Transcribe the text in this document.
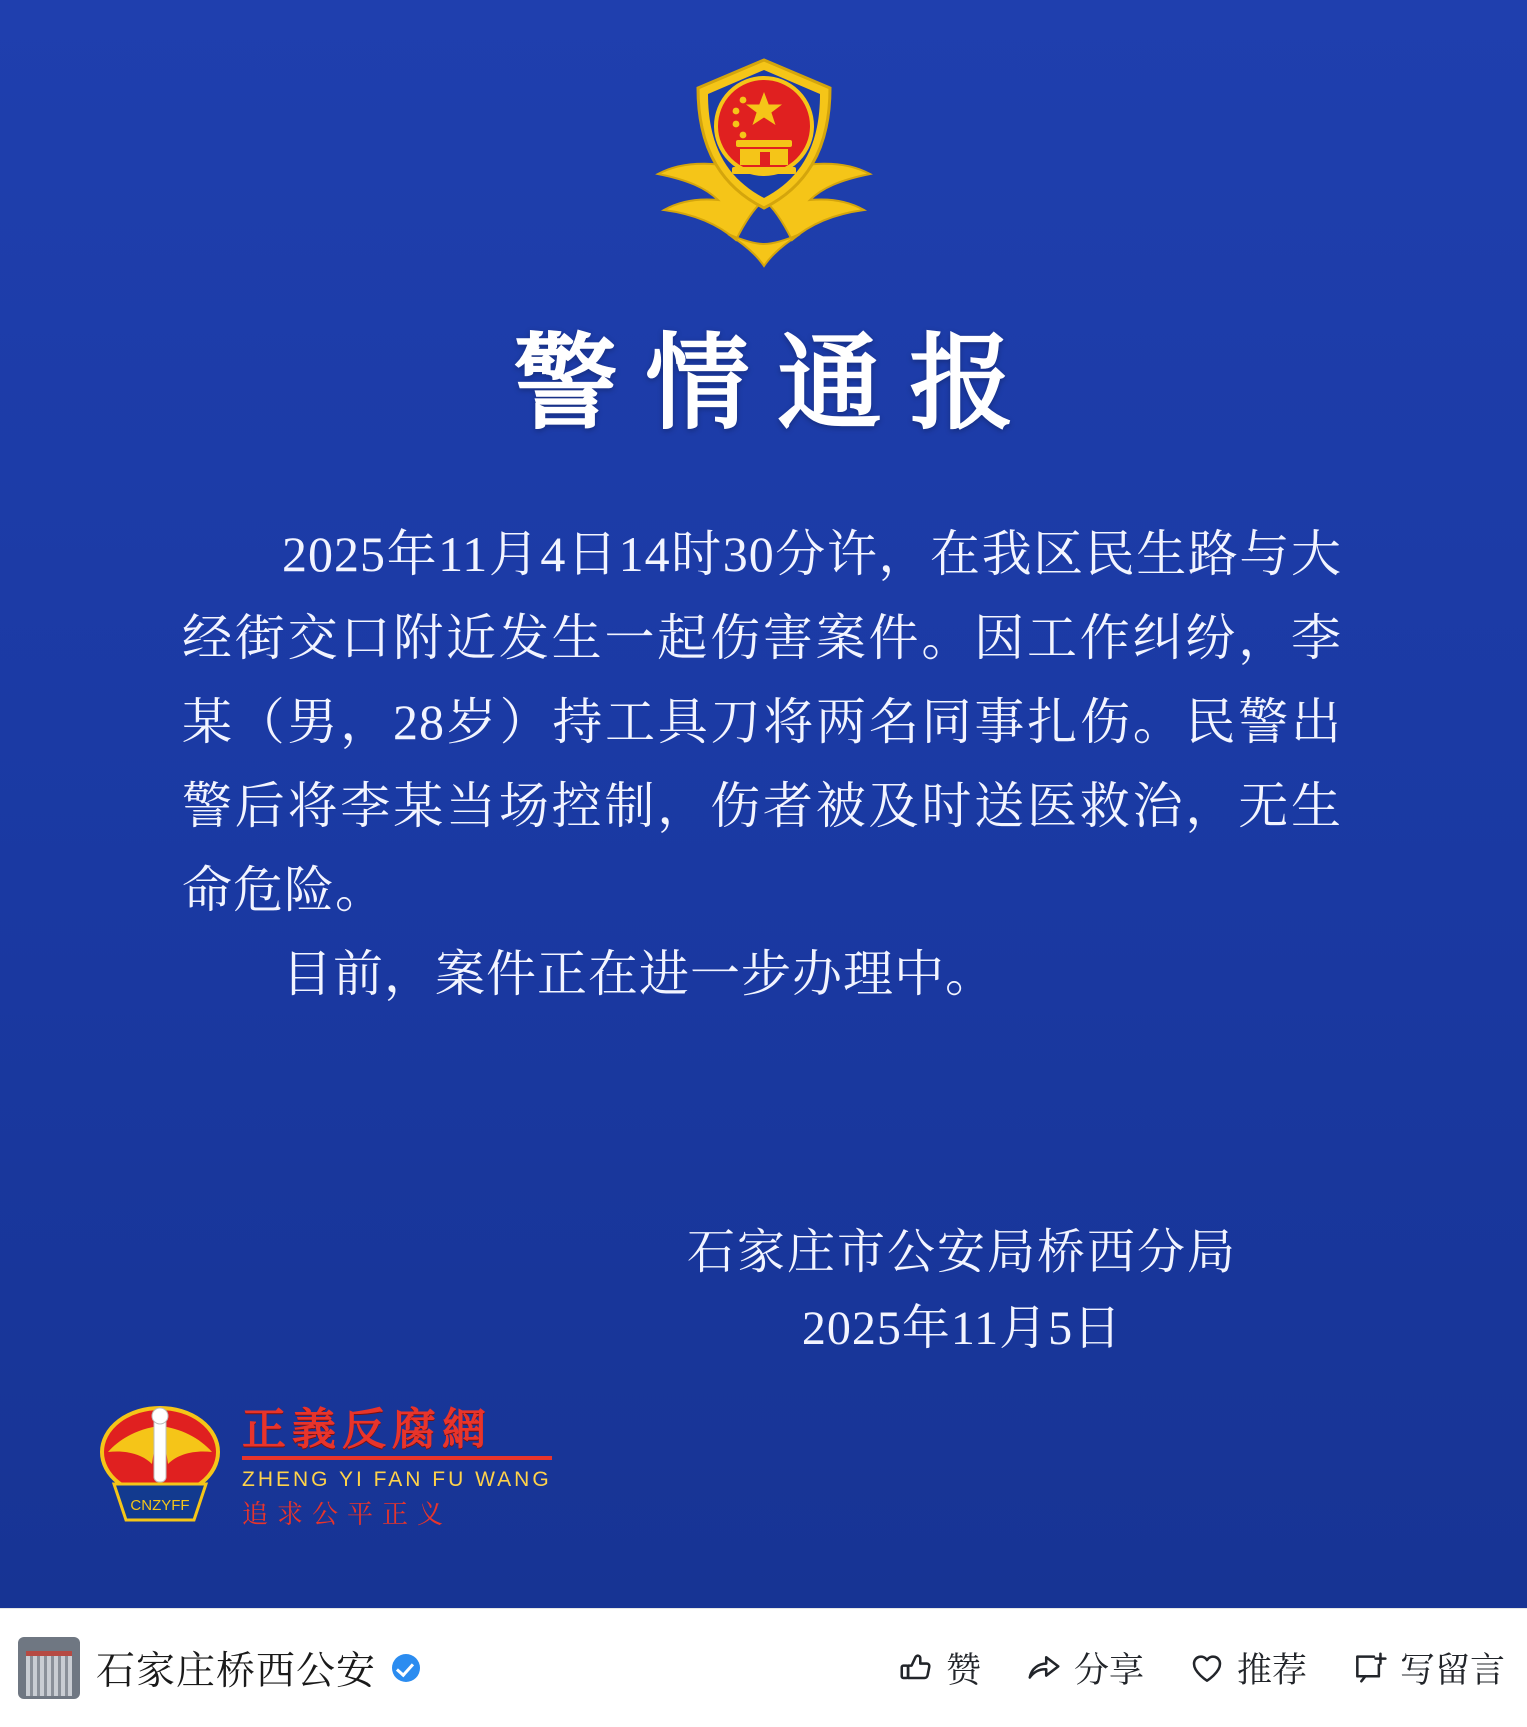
警情通报

2025年11月4日14时30分许，在我区民生路与大经街交口附近发生一起伤害案件。因工作纠纷，李某（男，28岁）持工具刀将两名同事扎伤。民警出警后将李某当场控制，伤者被及时送医救治，无生命危险。

目前，案件正在进一步办理中。

石家庄市公安局桥西分局
2025年11月5日
CNZYFF
正義反腐網
ZHENG YI FAN FU WANG
追求公平正义
石家庄桥西公安	赞	分享	推荐	写留言
